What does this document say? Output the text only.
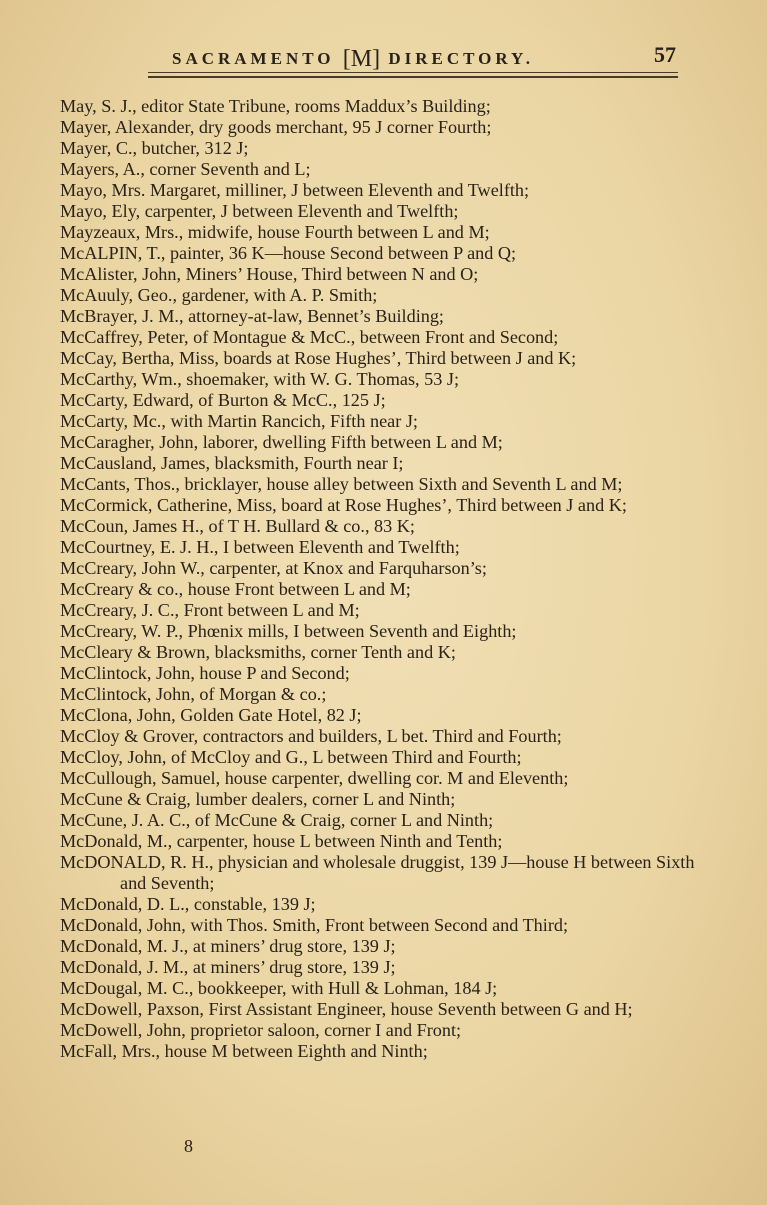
SACRAMENTO [M] DIRECTORY.	57
May, S. J., editor State Tribune, rooms Maddux’s Building;
Mayer, Alexander, dry goods merchant, 95 J corner Fourth;
Mayer, C., butcher, 312 J;
Mayers, A., corner Seventh and L;
Mayo, Mrs. Margaret, milliner, J between Eleventh and Twelfth;
Mayo, Ely, carpenter, J between Eleventh and Twelfth;
Mayzeaux, Mrs., midwife, house Fourth between L and M;
McALPIN, T., painter, 36 K—house Second between P and Q;
McAlister, John, Miners’ House, Third between N and O;
McAuuly, Geo., gardener, with A. P. Smith;
McBrayer, J. M., attorney-at-law, Bennet’s Building;
McCaffrey, Peter, of Montague & McC., between Front and Second;
McCay, Bertha, Miss, boards at Rose Hughes’, Third between J and K;
McCarthy, Wm., shoemaker, with W. G. Thomas, 53 J;
McCarty, Edward, of Burton & McC., 125 J;
McCarty, Mc., with Martin Rancich, Fifth near J;
McCaragher, John, laborer, dwelling Fifth between L and M;
McCausland, James, blacksmith, Fourth near I;
McCants, Thos., bricklayer, house alley between Sixth and Seventh L and M;
McCormick, Catherine, Miss, board at Rose Hughes’, Third between J and K;
McCoun, James H., of T H. Bullard & co., 83 K;
McCourtney, E. J. H., I between Eleventh and Twelfth;
McCreary, John W., carpenter, at Knox and Farquharson’s;
McCreary & co., house Front between L and M;
McCreary, J. C., Front between L and M;
McCreary, W. P., Phœnix mills, I between Seventh and Eighth;
McCleary & Brown, blacksmiths, corner Tenth and K;
McClintock, John, house P and Second;
McClintock, John, of Morgan & co.;
McClona, John, Golden Gate Hotel, 82 J;
McCloy & Grover, contractors and builders, L bet. Third and Fourth;
McCloy, John, of McCloy and G., L between Third and Fourth;
McCullough, Samuel, house carpenter, dwelling cor. M and Eleventh;
McCune & Craig, lumber dealers, corner L and Ninth;
McCune, J. A. C., of McCune & Craig, corner L and Ninth;
McDonald, M., carpenter, house L between Ninth and Tenth;
McDONALD, R. H., physician and wholesale druggist, 139 J—house H between Sixth and Seventh;
McDonald, D. L., constable, 139 J;
McDonald, John, with Thos. Smith, Front between Second and Third;
McDonald, M. J., at miners’ drug store, 139 J;
McDonald, J. M., at miners’ drug store, 139 J;
McDougal, M. C., bookkeeper, with Hull & Lohman, 184 J;
McDowell, Paxson, First Assistant Engineer, house Seventh between G and H;
McDowell, John, proprietor saloon, corner I and Front;
McFall, Mrs., house M between Eighth and Ninth;
8
